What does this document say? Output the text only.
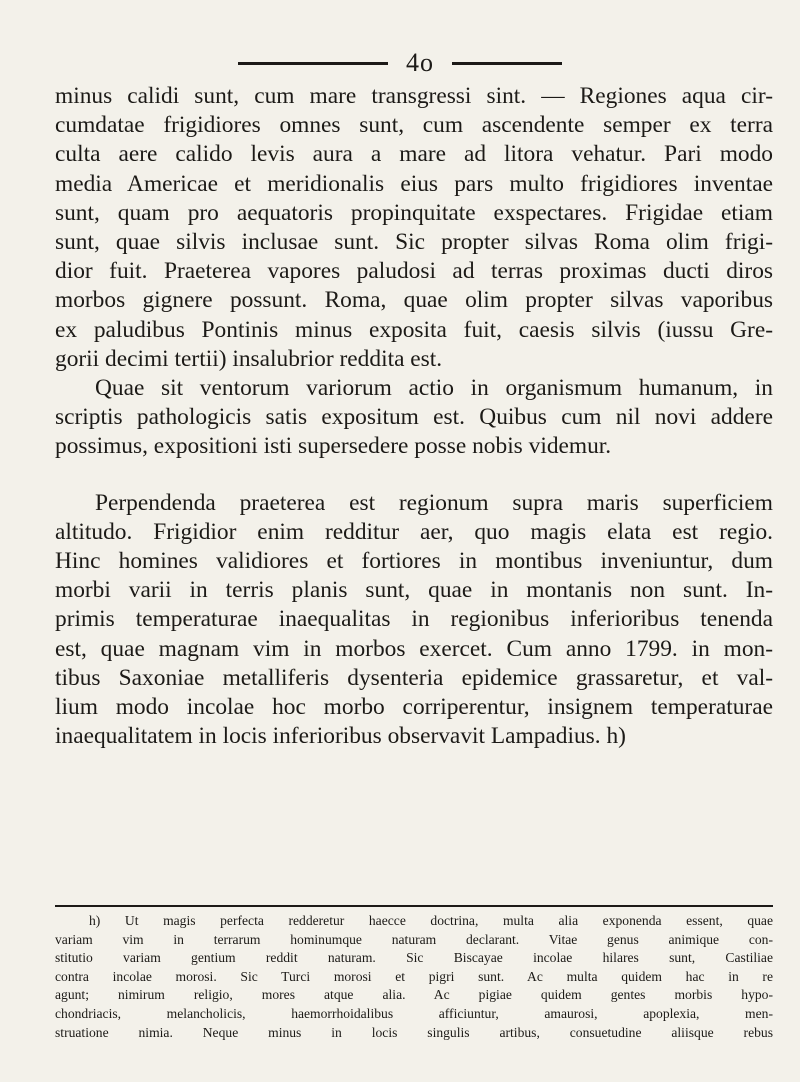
4o

minus calidi sunt, cum mare transgressi sint. — Regiones aqua cir-
cumdatae frigidiores omnes sunt, cum ascendente semper ex terra
culta aere calido levis aura a mare ad litora vehatur. Pari modo
media Americae et meridionalis eius pars multo frigidiores inventae
sunt, quam pro aequatoris propinquitate exspectares. Frigidae etiam
sunt, quae silvis inclusae sunt. Sic propter silvas Roma olim frigi-
dior fuit. Praeterea vapores paludosi ad terras proximas ducti diros
morbos gignere possunt. Roma, quae olim propter silvas vaporibus
ex paludibus Pontinis minus exposita fuit, caesis silvis (iussu Gre-
gorii decimi tertii) insalubrior reddita est.

Quae sit ventorum variorum actio in organismum humanum, in
scriptis pathologicis satis expositum est. Quibus cum nil novi addere
possimus, expositioni isti supersedere posse nobis videmur.

Perpendenda praeterea est regionum supra maris superficiem
altitudo. Frigidior enim redditur aer, quo magis elata est regio.
Hinc homines validiores et fortiores in montibus inveniuntur, dum
morbi varii in terris planis sunt, quae in montanis non sunt. In-
primis temperaturae inaequalitas in regionibus inferioribus tenenda
est, quae magnam vim in morbos exercet. Cum anno 1799. in mon-
tibus Saxoniae metalliferis dysenteria epidemice grassaretur, et val-
lium modo incolae hoc morbo corriperentur, insignem temperaturae
inaequalitatem in locis inferioribus observavit Lampadius. h)

h) Ut magis perfecta redderetur haecce doctrina, multa alia exponenda essent, quae
variam vim in terrarum hominumque naturam declarant. Vitae genus animique con-
stitutio variam gentium reddit naturam. Sic Biscayae incolae hilares sunt, Castiliae
contra incolae morosi. Sic Turci morosi et pigri sunt. Ac multa quidem hac in re
agunt; nimirum religio, mores atque alia. Ac pigiae quidem gentes morbis hypo-
chondriacis, melancholicis, haemorrhoidalibus afficiuntur, amaurosi, apoplexia, men-
struatione nimia. Neque minus in locis singulis artibus, consuetudine aliisque rebus
